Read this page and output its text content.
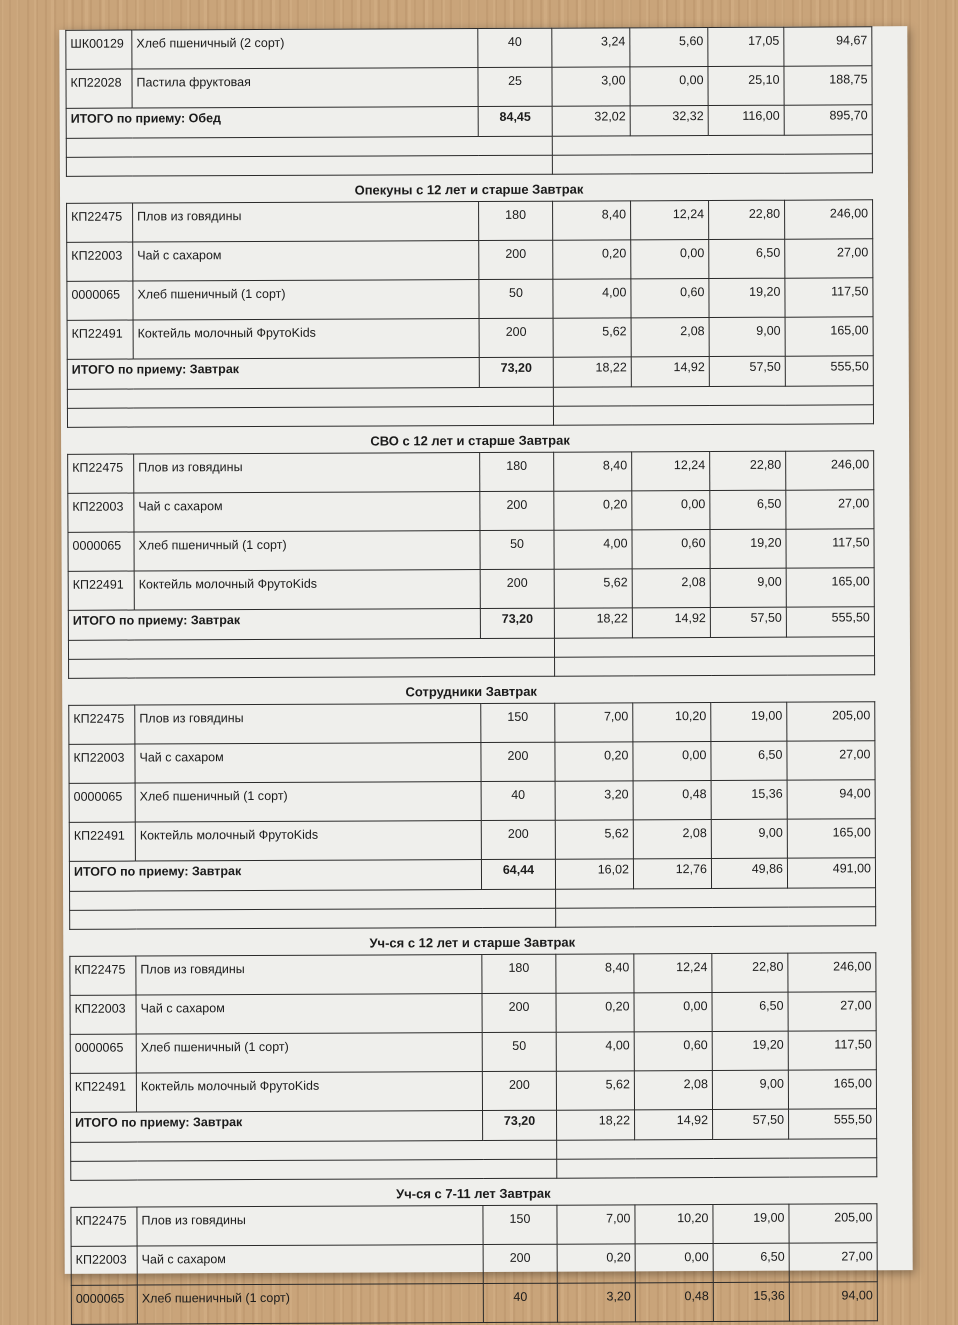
ШК00129	Хлеб пшеничный (2 сорт)	40	3,24	5,60	17,05	94,67
КП22028	Пастила фруктовая	25	3,00	0,00	25,10	188,75
ИТОГО по приему: Обед		84,45	32,02	32,32	116,00	895,70

Опекуны с 12 лет и старше Завтрак
КП22475	Плов из говядины	180	8,40	12,24	22,80	246,00
КП22003	Чай с сахаром	200	0,20	0,00	6,50	27,00
0000065	Хлеб пшеничный (1 сорт)	50	4,00	0,60	19,20	117,50
КП22491	Коктейль молочный ФрутоKids	200	5,62	2,08	9,00	165,00
ИТОГО по приему: Завтрак		73,20	18,22	14,92	57,50	555,50

СВО с 12 лет и старше Завтрак
КП22475	Плов из говядины	180	8,40	12,24	22,80	246,00
КП22003	Чай с сахаром	200	0,20	0,00	6,50	27,00
0000065	Хлеб пшеничный (1 сорт)	50	4,00	0,60	19,20	117,50
КП22491	Коктейль молочный ФрутоKids	200	5,62	2,08	9,00	165,00
ИТОГО по приему: Завтрак		73,20	18,22	14,92	57,50	555,50

Сотрудники Завтрак
КП22475	Плов из говядины	150	7,00	10,20	19,00	205,00
КП22003	Чай с сахаром	200	0,20	0,00	6,50	27,00
0000065	Хлеб пшеничный (1 сорт)	40	3,20	0,48	15,36	94,00
КП22491	Коктейль молочный ФрутоKids	200	5,62	2,08	9,00	165,00
ИТОГО по приему: Завтрак		64,44	16,02	12,76	49,86	491,00

Уч-ся с 12 лет и старше Завтрак
КП22475	Плов из говядины	180	8,40	12,24	22,80	246,00
КП22003	Чай с сахаром	200	0,20	0,00	6,50	27,00
0000065	Хлеб пшеничный (1 сорт)	50	4,00	0,60	19,20	117,50
КП22491	Коктейль молочный ФрутоKids	200	5,62	2,08	9,00	165,00
ИТОГО по приему: Завтрак		73,20	18,22	14,92	57,50	555,50

Уч-ся с 7-11 лет Завтрак
КП22475	Плов из говядины	150	7,00	10,20	19,00	205,00
КП22003	Чай с сахаром	200	0,20	0,00	6,50	27,00
0000065	Хлеб пшеничный (1 сорт)	40	3,20	0,48	15,36	94,00
